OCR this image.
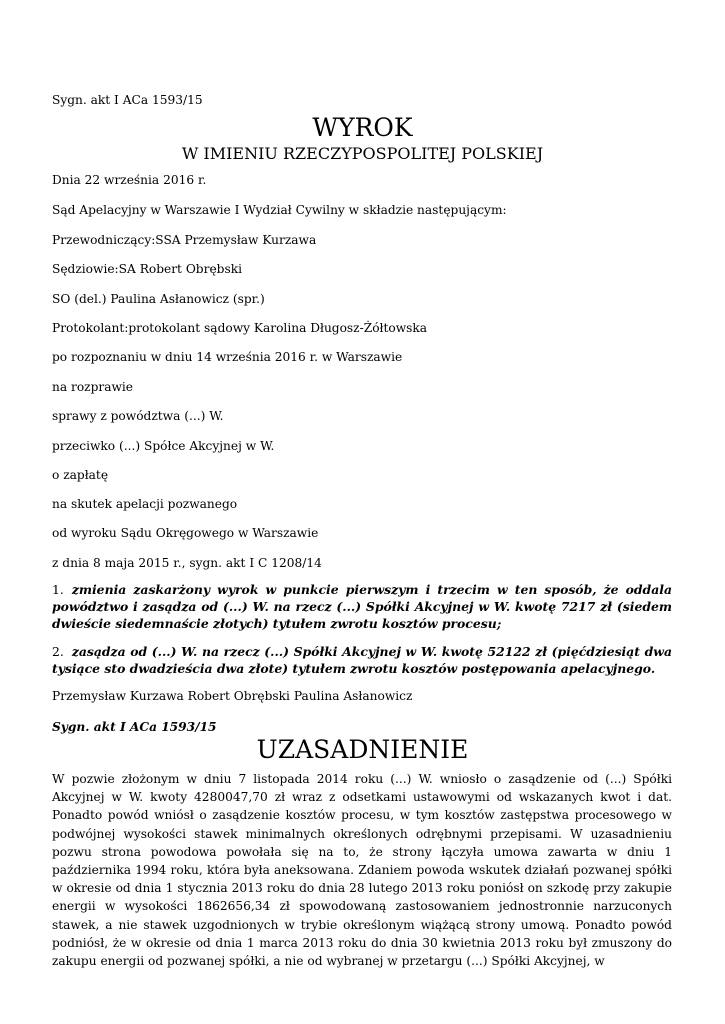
Sygn. akt I ACa 1593/15
WYROK
W IMIENIU RZECZYPOSPOLITEJ POLSKIEJ
Dnia 22 września 2016 r.
Sąd Apelacyjny w Warszawie I Wydział Cywilny w składzie następującym:
Przewodniczący:SSA Przemysław Kurzawa
Sędziowie:SA Robert Obrębski
SO (del.) Paulina Asłanowicz (spr.)
Protokolant:protokolant sądowy Karolina Długosz-Żółtowska
po rozpoznaniu w dniu 14 września 2016 r. w Warszawie
na rozprawie
sprawy z powództwa (...) W.
przeciwko (...) Spółce Akcyjnej w W.
o zapłatę
na skutek apelacji pozwanego
od wyroku Sądu Okręgowego w Warszawie
z dnia 8 maja 2015 r., sygn. akt I C 1208/14
1. zmienia zaskarżony wyrok w punkcie pierwszym i trzecim w ten sposób, że oddala powództwo i zasądza od (...) W. na rzecz (...) Spółki Akcyjnej w W. kwotę 7217 zł (siedem dwieście siedemnaście złotych) tytułem zwrotu kosztów procesu;
2. zasądza od (...) W. na rzecz (...) Spółki Akcyjnej w W. kwotę 52122 zł (pięćdziesiąt dwa tysiące sto dwadzieścia dwa złote) tytułem zwrotu kosztów postępowania apelacyjnego.
Przemysław Kurzawa Robert Obrębski Paulina Asłanowicz
Sygn. akt I ACa 1593/15
UZASADNIENIE
W pozwie złożonym w dniu 7 listopada 2014 roku (...) W. wniosło o zasądzenie od (...) Spółki Akcyjnej w W. kwoty 4280047,70 zł wraz z odsetkami ustawowymi od wskazanych kwot i dat. Ponadto powód wniósł o zasądzenie kosztów procesu, w tym kosztów zastępstwa procesowego w podwójnej wysokości stawek minimalnych określonych odrębnymi przepisami. W uzasadnieniu pozwu strona powodowa powołała się na to, że strony łączyła umowa zawarta w dniu 1 października 1994 roku, która była aneksowana. Zdaniem powoda wskutek działań pozwanej spółki w okresie od dnia 1 stycznia 2013 roku do dnia 28 lutego 2013 roku poniósł on szkodę przy zakupie energii w wysokości 1862656,34 zł spowodowaną zastosowaniem jednostronnie narzuconych stawek, a nie stawek uzgodnionych w trybie określonym wiążącą strony umową. Ponadto powód podniósł, że w okresie od dnia 1 marca 2013 roku do dnia 30 kwietnia 2013 roku był zmuszony do zakupu energii od pozwanej spółki, a nie od wybranej w przetargu (...) Spółki Akcyjnej, w
